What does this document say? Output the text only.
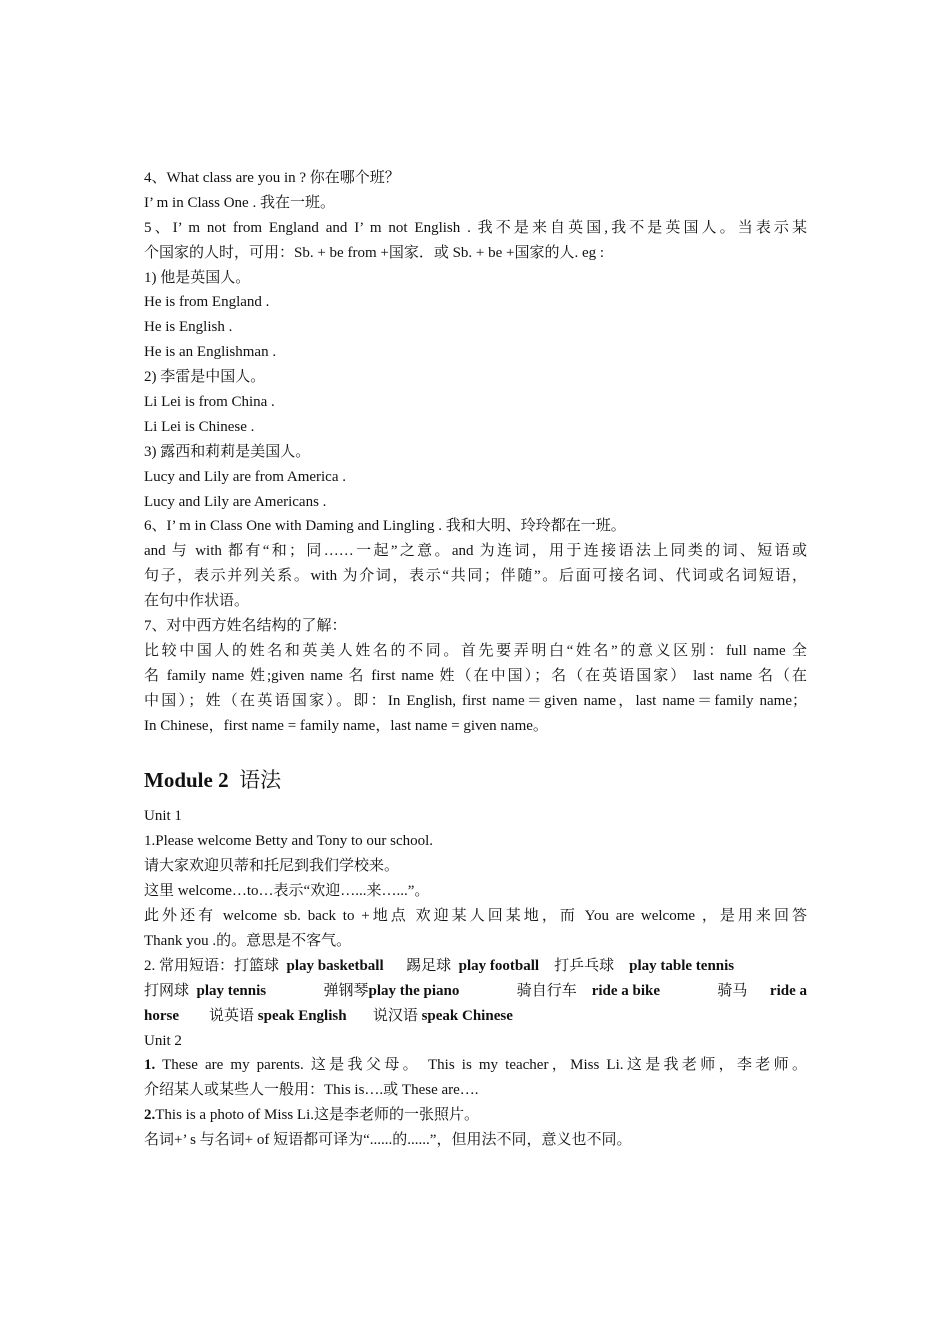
4、What class are you in ? 你在哪个班？
I’ m in Class One . 我在一班。
5、I’ m not from England and I’ m not English . 我不是来自英国,我不是英国人。当表示某
个国家的人时，可用：Sb. + be from +国家．或 Sb. + be +国家的人. eg :
1) 他是英国人。
He is from England .
He is English .
He is an Englishman .
2) 李雷是中国人。
Li Lei is from China .
Li Lei is Chinese .
3) 露西和莉莉是美国人。
Lucy and Lily are from America .
Lucy and Lily are Americans .
6、I’ m in Class One with Daming and Lingling . 我和大明、玲玲都在一班。
and 与 with 都有“和；同……一起”之意。and 为连词，用于连接语法上同类的词、短语或
句子，表示并列关系。with 为介词，表示“共同；伴随”。后面可接名词、代词或名词短语，
在句中作状语。
7、对中西方姓名结构的了解：
比较中国人的姓名和英美人姓名的不同。首先要弄明白“姓名”的意义区别：full name 全
名 family name 姓;given name 名 first name 姓（在中国）；名（在英语国家） last name 名（在
中国）；姓（在英语国家）。即：In English, first name＝given name，last name＝family name；
In Chinese，first name = family name，last name = given name。
Module 2 语法
Unit 1
1.Please welcome Betty and Tony to our school.
请大家欢迎贝蒂和托尼到我们学校来。
这里 welcome…to…表示“欢迎…...来…...”。
此外还有 welcome sb. back to +地点 欢迎某人回某地，而 You are welcome ，是用来回答
Thank you .的。意思是不客气。
2. 常用短语：打篮球 play basketball 踢足球 play football 打乒乓球 play table tennis
打网球 play tennis	弹钢琴play the piano	骑自行车 ride a bike	骑马 ride a
horse 说英语 speak English 说汉语 speak Chinese
Unit 2
1. These are my parents. 这是我父母。 This is my teacher，Miss Li.这是我老师，李老师。
介绍某人或某些人一般用：This is….或 These are….
2.This is a photo of Miss Li.这是李老师的一张照片。
名词+’ s 与名词+ of 短语都可译为“......的......”，但用法不同，意义也不同。
